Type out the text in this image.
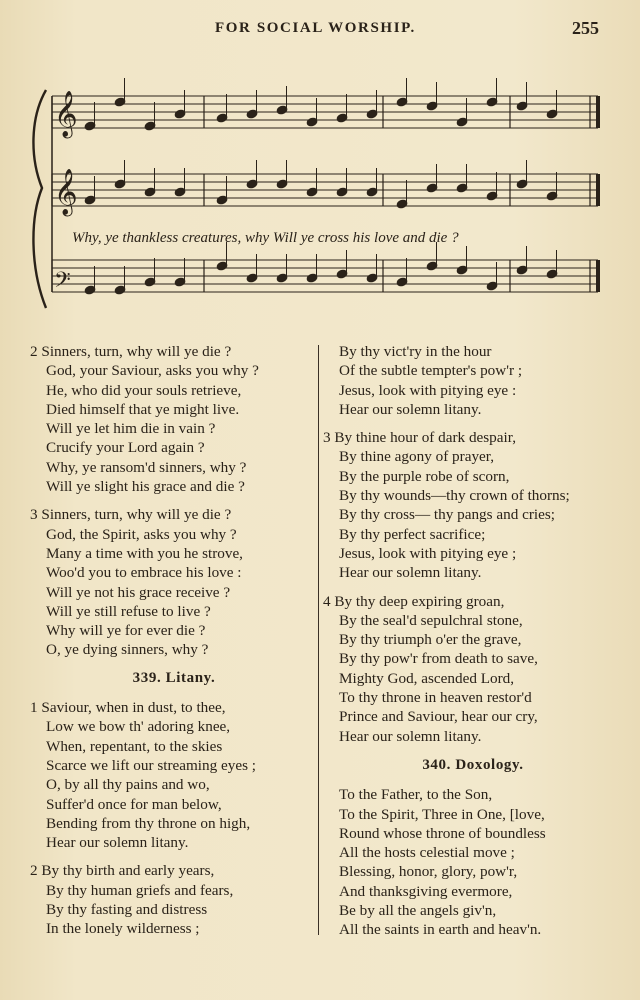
FOR SOCIAL WORSHIP.	255
𝄞
𝄞
𝄢
Why, ye thankless creatures, why Will ye cross his love and die ?
2 Sinners, turn, why will ye die ?
God, your Saviour, asks you why ?
He, who did your souls retrieve,
Died himself that ye might live.
Will ye let him die in vain ?
Crucify your Lord again ?
Why, ye ransom'd sinners, why ?
Will ye slight his grace and die ?
3 Sinners, turn, why will ye die ?
God, the Spirit, asks you why ?
Many a time with you he strove,
Woo'd you to embrace his love :
Will ye not his grace receive ?
Will ye still refuse to live ?
Why will ye for ever die ?
O, ye dying sinners, why ?
339. Litany.
1 Saviour, when in dust, to thee,
Low we bow th' adoring knee,
When, repentant, to the skies
Scarce we lift our streaming eyes ;
O, by all thy pains and wo,
Suffer'd once for man below,
Bending from thy throne on high,
Hear our solemn litany.
2 By thy birth and early years,
By thy human griefs and fears,
By thy fasting and distress
In the lonely wilderness ;
By thy vict'ry in the hour
Of the subtle tempter's pow'r ;
Jesus, look with pitying eye :
Hear our solemn litany.
3 By thine hour of dark despair,
By thine agony of prayer,
By the purple robe of scorn,
By thy wounds—thy crown of thorns;
By thy cross— thy pangs and cries;
By thy perfect sacrifice;
Jesus, look with pitying eye ;
Hear our solemn litany.
4 By thy deep expiring groan,
By the seal'd sepulchral stone,
By thy triumph o'er the grave,
By thy pow'r from death to save,
Mighty God, ascended Lord,
To thy throne in heaven restor'd
Prince and Saviour, hear our cry,
Hear our solemn litany.
340. Doxology.
To the Father, to the Son,
To the Spirit, Three in One, [love,
Round whose throne of boundless
All the hosts celestial move ;
Blessing, honor, glory, pow'r,
And thanksgiving evermore,
Be by all the angels giv'n,
All the saints in earth and heav'n.
